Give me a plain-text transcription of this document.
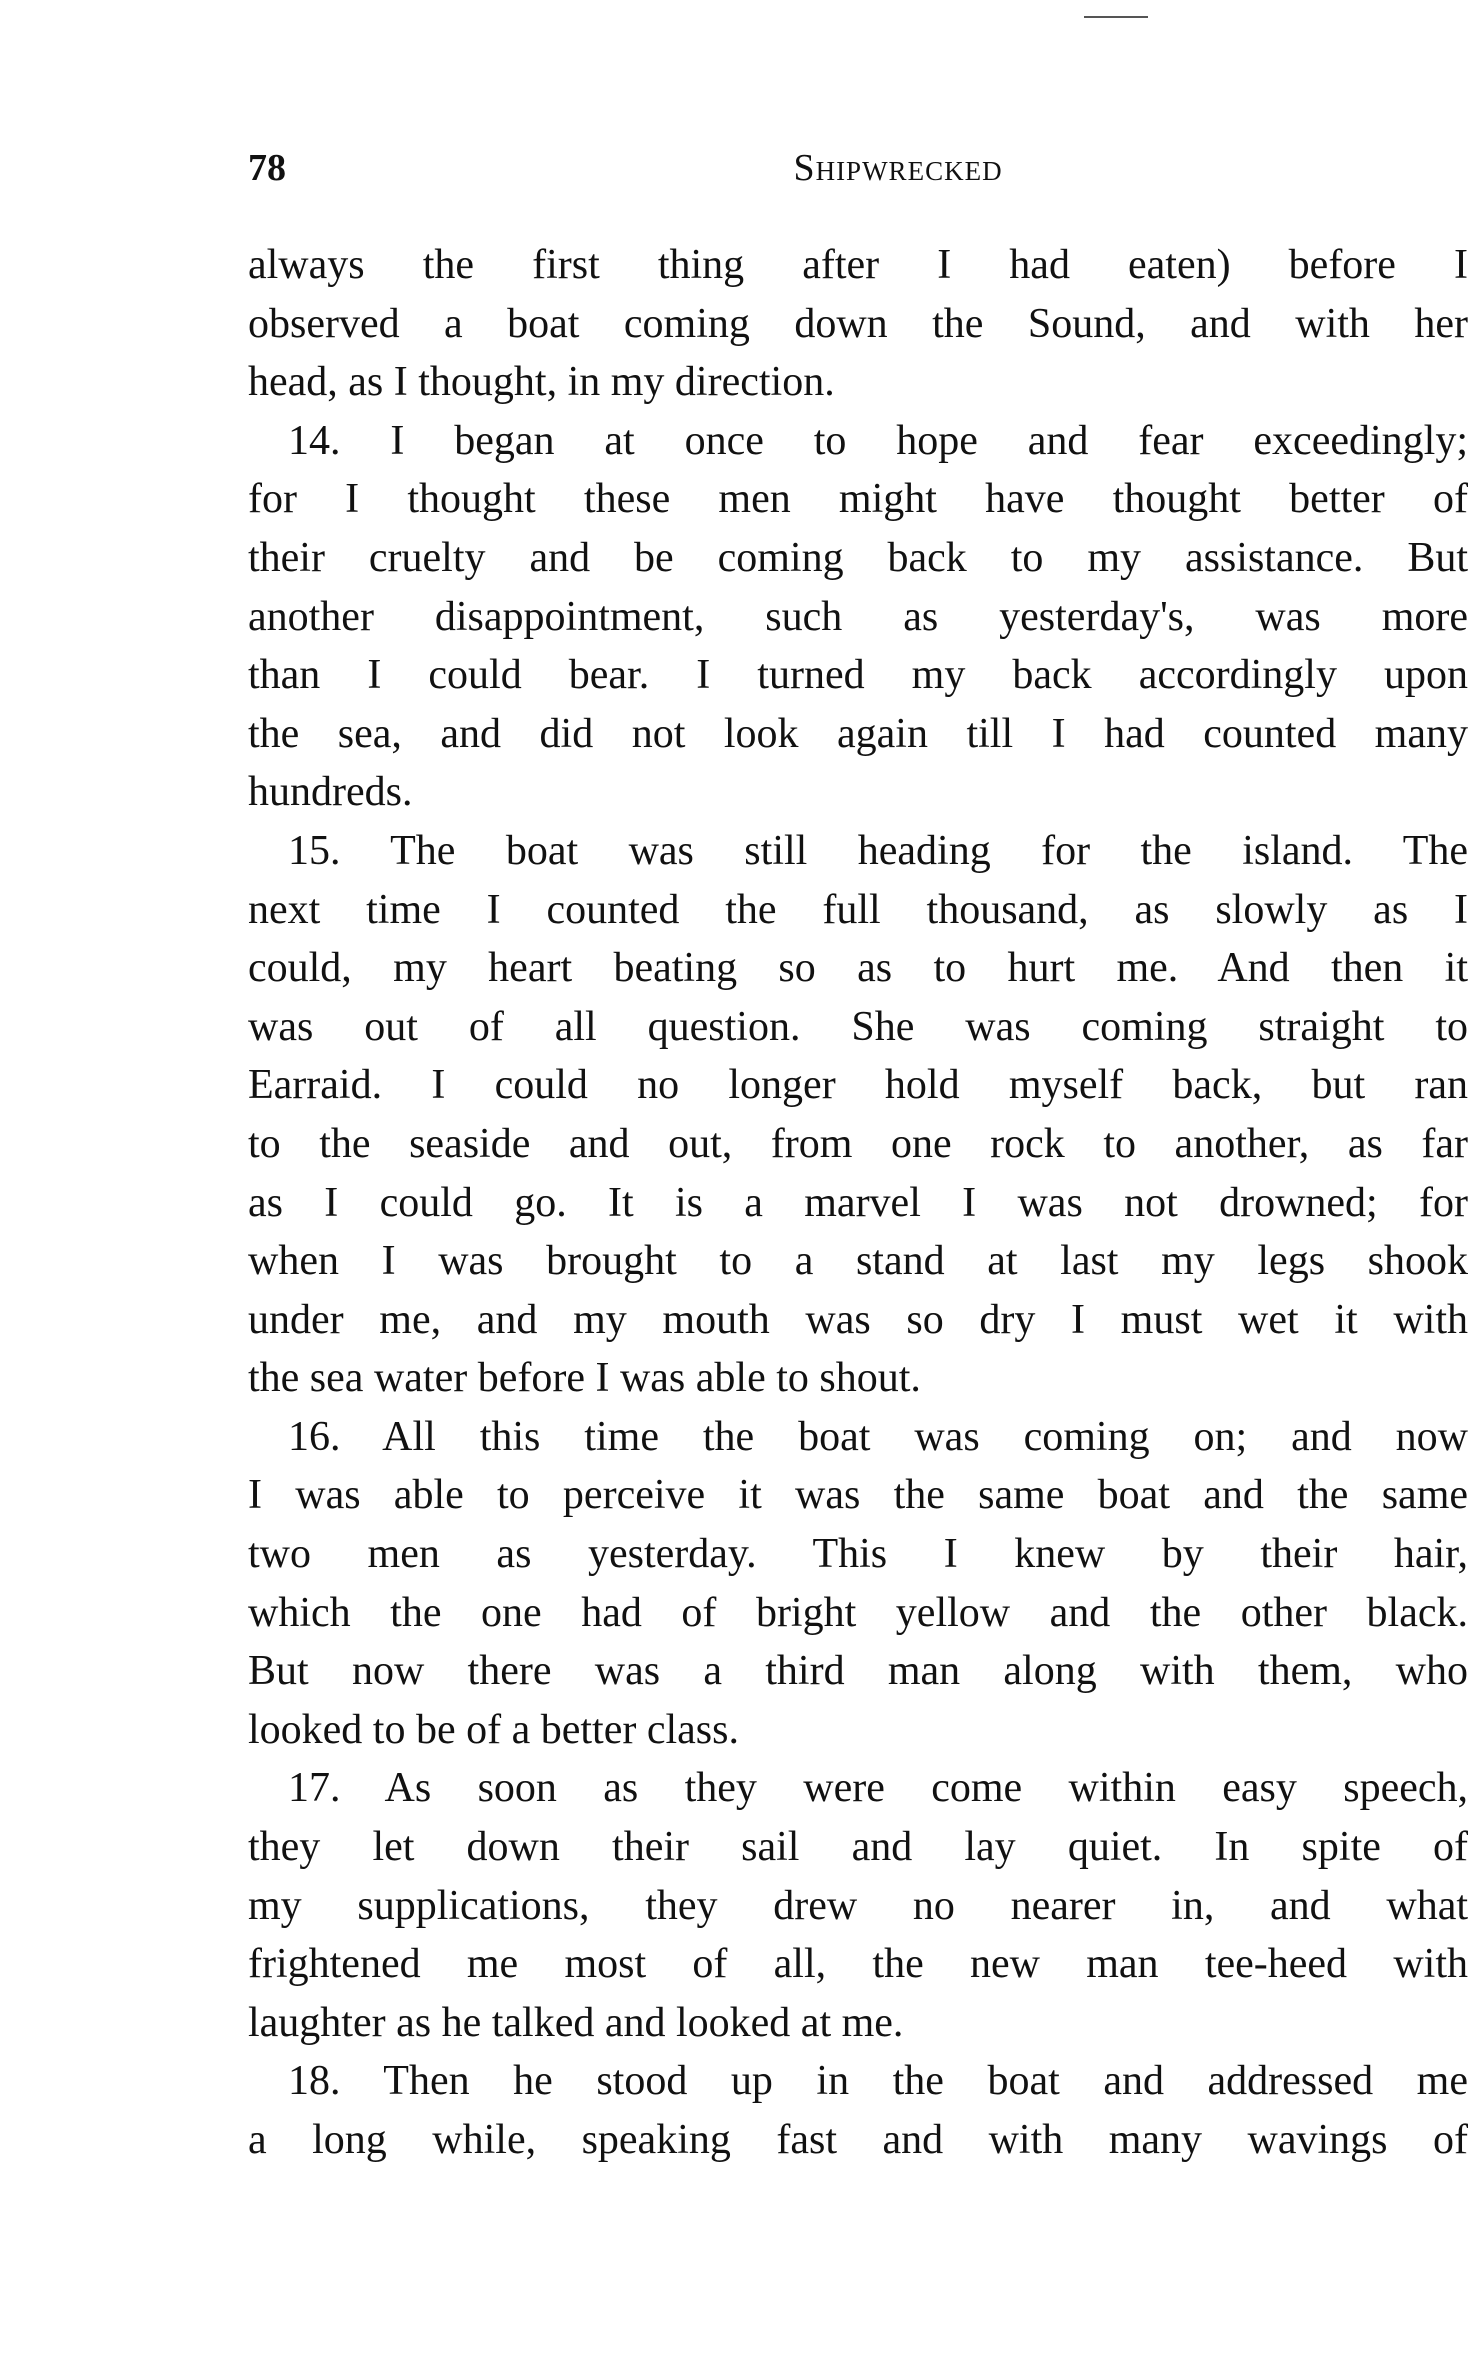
78	Shipwrecked
always the first thing after I had eaten) before I
observed a boat coming down the Sound, and with her
head, as I thought, in my direction.
14. I began at once to hope and fear exceedingly;
for I thought these men might have thought better of
their cruelty and be coming back to my assistance. But
another disappointment, such as yesterday's, was more
than I could bear. I turned my back accordingly upon
the sea, and did not look again till I had counted many
hundreds.
15. The boat was still heading for the island. The
next time I counted the full thousand, as slowly as I
could, my heart beating so as to hurt me. And then it
was out of all question. She was coming straight to
Earraid. I could no longer hold myself back, but ran
to the seaside and out, from one rock to another, as far
as I could go. It is a marvel I was not drowned; for
when I was brought to a stand at last my legs shook
under me, and my mouth was so dry I must wet it with
the sea water before I was able to shout.
16. All this time the boat was coming on; and now
I was able to perceive it was the same boat and the same
two men as yesterday. This I knew by their hair,
which the one had of bright yellow and the other black.
But now there was a third man along with them, who
looked to be of a better class.
17. As soon as they were come within easy speech,
they let down their sail and lay quiet. In spite of
my supplications, they drew no nearer in, and what
frightened me most of all, the new man tee-heed with
laughter as he talked and looked at me.
18. Then he stood up in the boat and addressed me
a long while, speaking fast and with many wavings of
